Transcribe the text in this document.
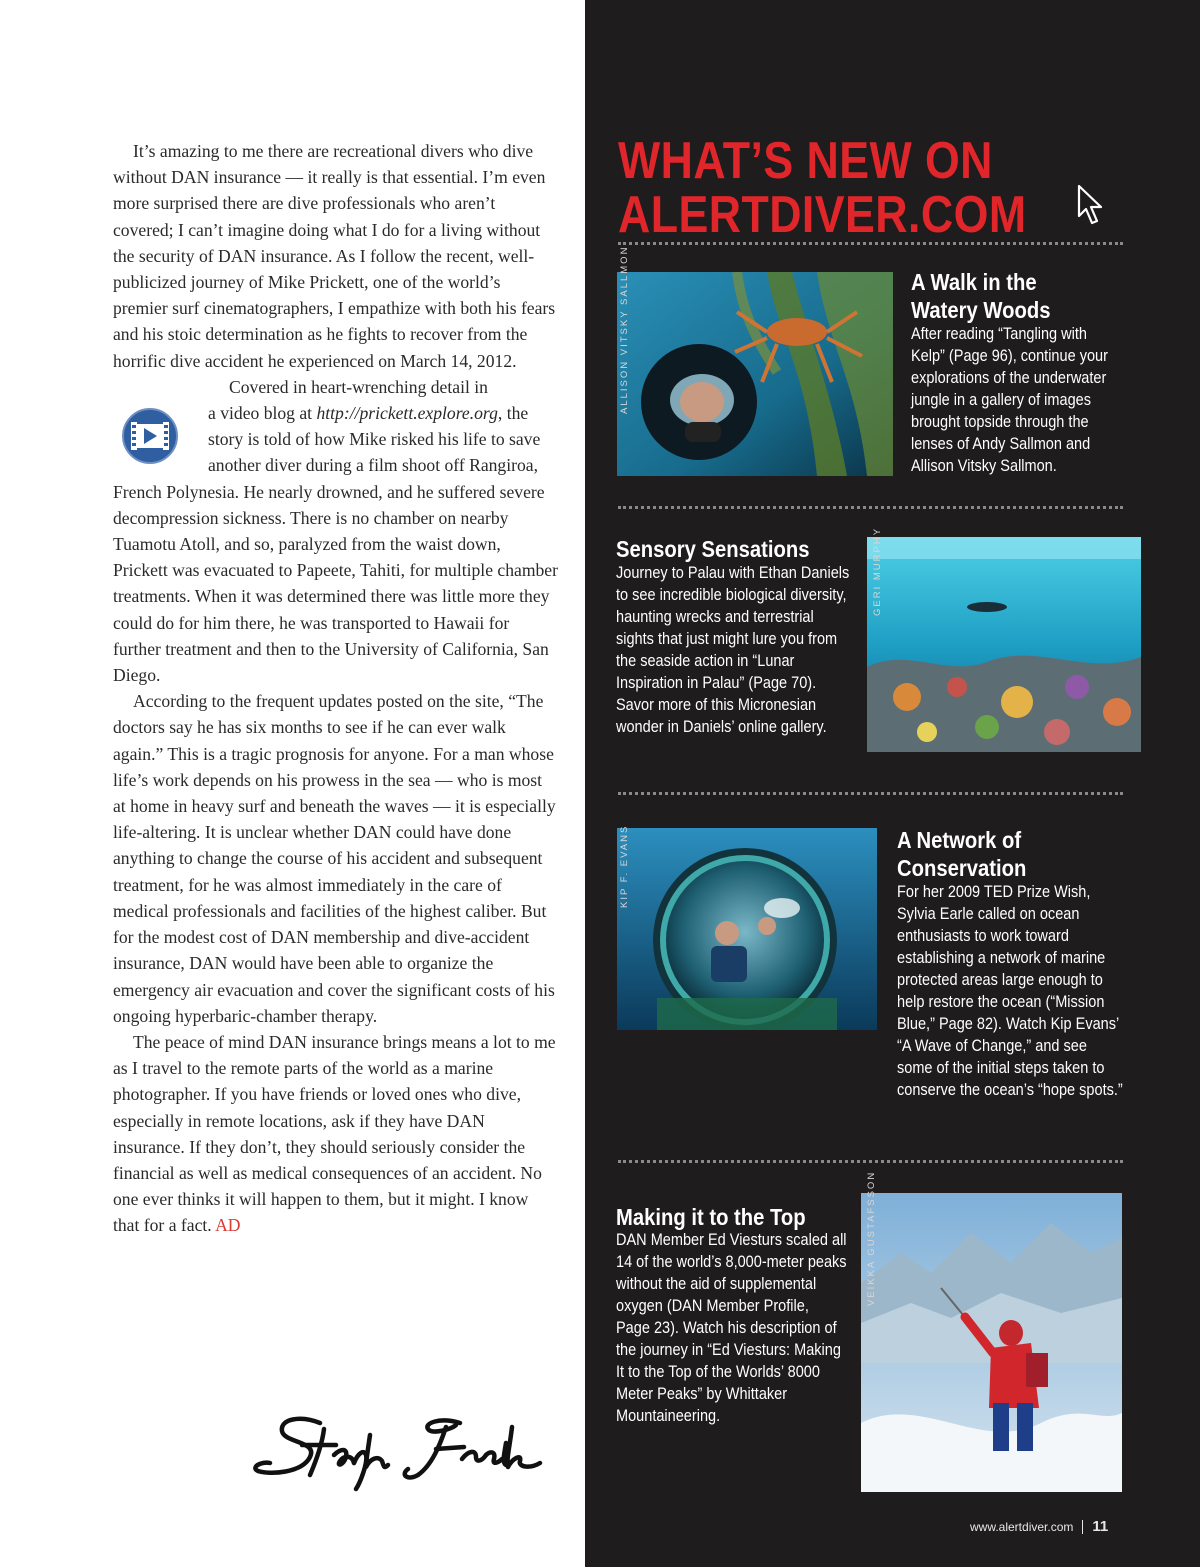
It’s amazing to me there are recreational divers who dive without DAN insurance — it really is that essential. I’m even more surprised there are dive professionals who aren’t covered; I can’t imagine doing what I do for a living without the security of DAN insurance. As I follow the recent, well-publicized journey of Mike Prickett, one of the world’s premier surf cinematographers, I empathize with both his fears and his stoic determination as he fights to recover from the horrific dive accident he experienced on March 14, 2012.

Covered in heart-wrenching detail in
a video blog at http://prickett.explore.org, the story is told of how Mike risked his life to save another diver during a film shoot off Rangiroa, French Polynesia. He nearly drowned, and he suffered severe decompression sickness. There is no chamber on nearby Tuamotu Atoll, and so, paralyzed from the waist down, Prickett was evacuated to Papeete, Tahiti, for multiple chamber treatments. When it was determined there was little more they could do for him there, he was transported to Hawaii for further treatment and then to the University of California, San Diego.

According to the frequent updates posted on the site, “The doctors say he has six months to see if he can ever walk again.” This is a tragic prognosis for anyone. For a man whose life’s work depends on his prowess in the sea — who is most at home in heavy surf and beneath the waves — it is especially life-altering. It is unclear whether DAN could have done anything to change the course of his accident and subsequent treatment, for he was almost immediately in the care of medical professionals and facilities of the highest caliber. But for the modest cost of DAN membership and dive-accident insurance, DAN would have been able to organize the emergency air evacuation and cover the significant costs of his ongoing hyperbaric-chamber therapy.

The peace of mind DAN insurance brings means a lot to me as I travel to the remote parts of the world as a marine photographer. If you have friends or loved ones who dive, especially in remote locations, ask if they have DAN insurance. If they don’t, they should seriously consider the financial as well as medical consequences of an accident. No one ever thinks it will happen to them, but it might. I know that for a fact. AD

WHAT’S NEW ON
ALERTDIVER.COM
ALLISON VITSKY SALLMON	A Walk in the
Watery Woods

After reading “Tangling with Kelp” (Page 96), continue your explorations of the underwater jungle in a gallery of images brought topside through the lenses of Andy Sallmon and Allison Vitsky Sallmon.

Sensory Sensations

Journey to Palau with Ethan Daniels to see incredible biological diversity, haunting wrecks and terrestrial sights that just might lure you from the seaside action in “Lunar Inspiration in Palau” (Page 70). Savor more of this Micronesian wonder in Daniels’ online gallery.

GERI MURPHY
KIP F. EVANS	A Network of
Conservation

For her 2009 TED Prize Wish, Sylvia Earle called on ocean enthusiasts to work toward establishing a network of marine protected areas large enough to help restore the ocean (“Mission Blue,” Page 82). Watch Kip Evans’ “A Wave of Change,” and see some of the initial steps taken to conserve the ocean’s “hope spots.”

Making it to the Top

DAN Member Ed Viesturs scaled all 14 of the world’s 8,000-meter peaks without the aid of supplemental oxygen (DAN Member Profile, Page 23). Watch his description of the journey in “Ed Viesturs: Making It to the Top of the Worlds’ 8000 Meter Peaks” by Whittaker Mountaineering.

VEIKKA GUSTAFSSON
www.alertdiver.com 11
